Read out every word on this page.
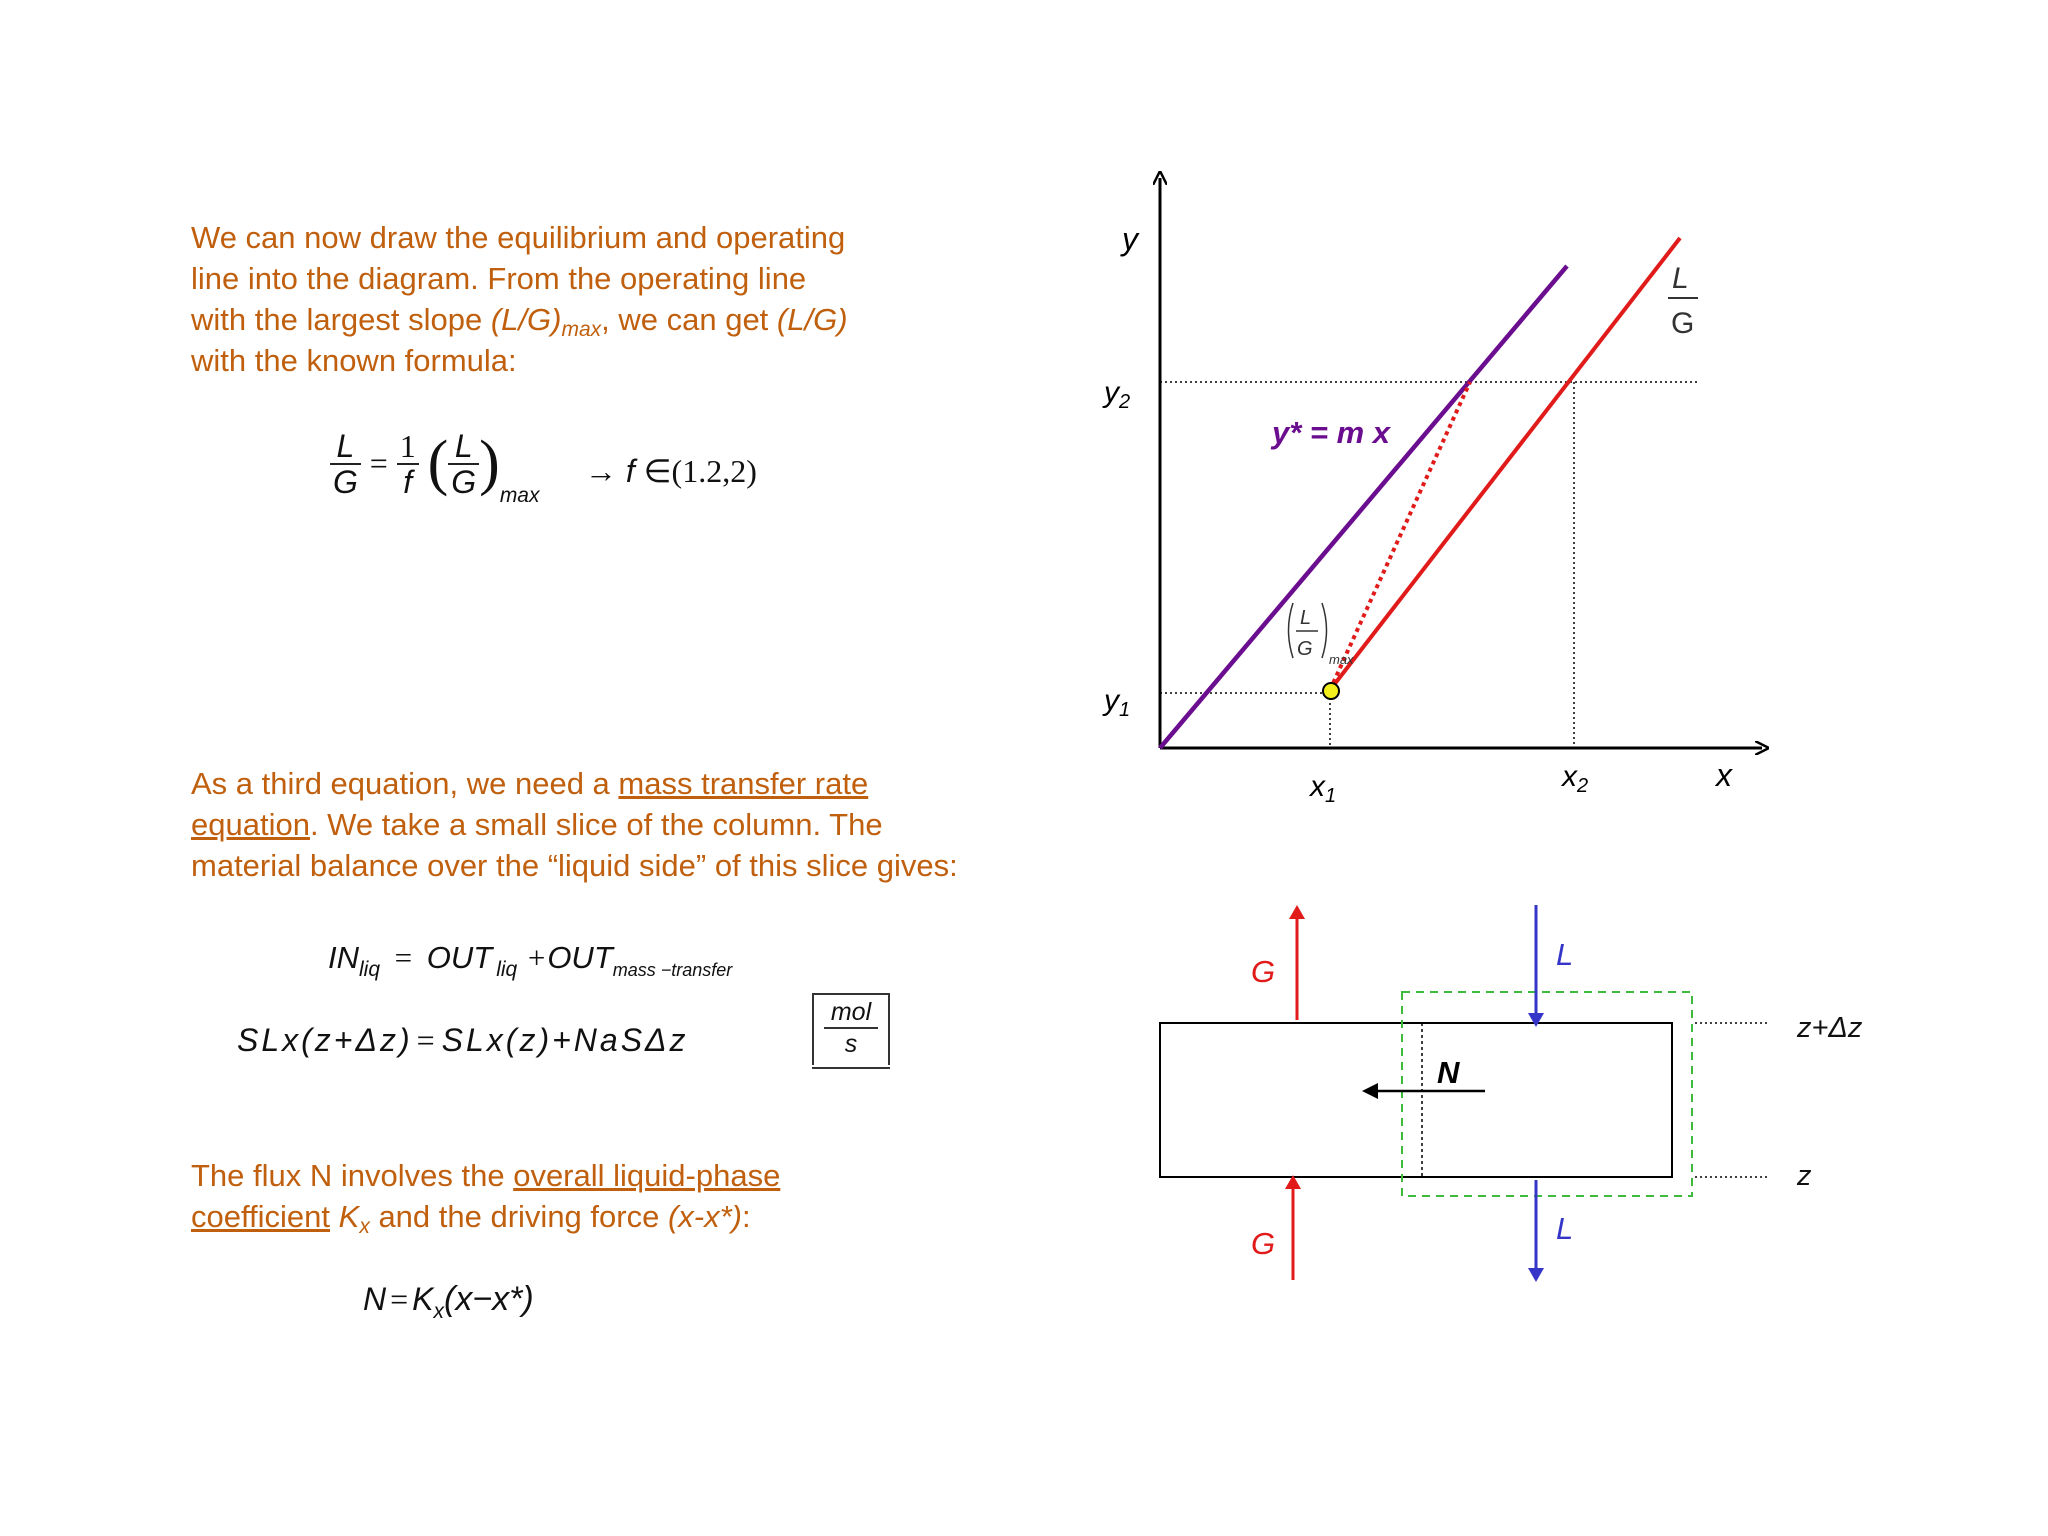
We can now draw the equilibrium and operating
line into the diagram. From the operating line
with the largest slope $(L/G)_{max}$, we can get (L/G)
with the known formula:
$\frac{L}{G} = \frac{1}{f}$ ( $\frac{L}{G} )_{max}$
→ f ∈(1.2,2)
As a third equation, we need a mass transfer rate
equation. We take a small slice of the column. The
material balance over the “liquid side” of this slice gives:
$IN_{liq}$ = OUT $_{liq} +OUT_{mass -transfer}$
SLx(z+Δz) = SLx(z)+NaSΔz
mol
s
The flux N involves the overall liquid-phase
coefficient $K_x$ and the driving force (x-x*):
$N = K_x(x-x*)$
y
x
$y_2$
$y_1$
$x_1$
$x_2$
y* = m x
L
G
L
G max
G
G
L
L
N
z+Δz
z
